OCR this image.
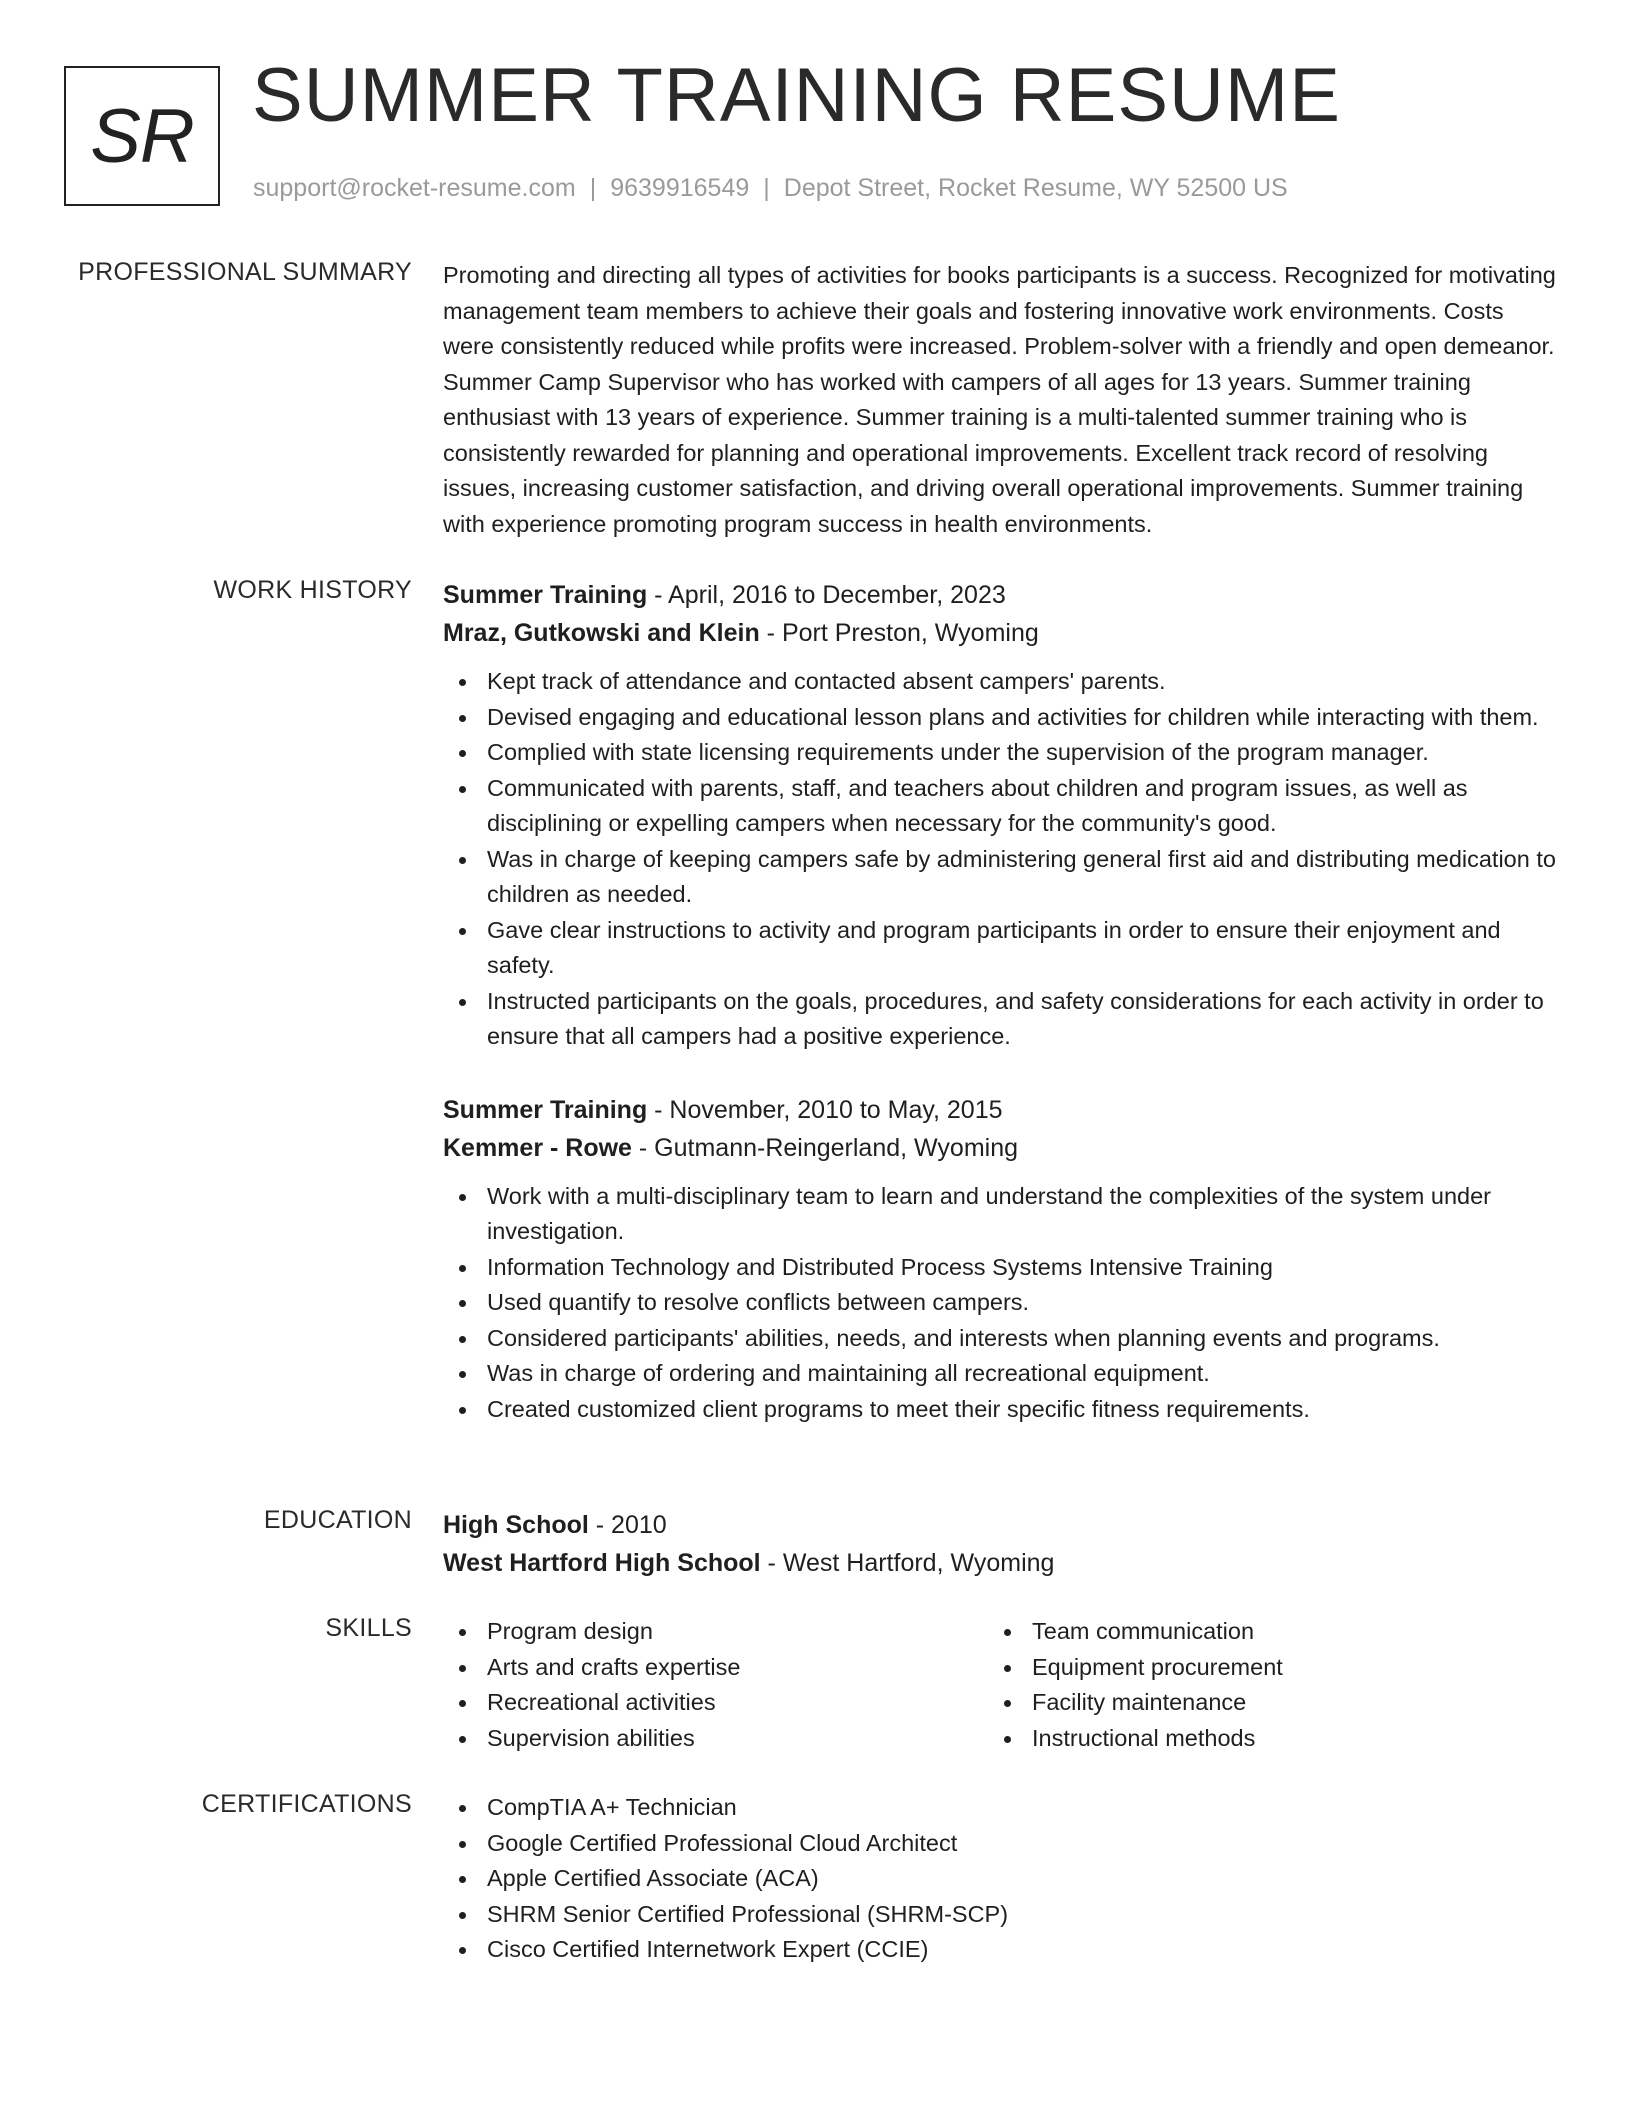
SR SUMMER TRAINING RESUME
support@rocket-resume.com | 9639916549 | Depot Street, Rocket Resume, WY 52500 US
PROFESSIONAL SUMMARY Promoting and directing all types of activities for books participants is a success. Recognized for motivating management team members to achieve their goals and fostering innovative work environments. Costs were consistently reduced while profits were increased. Problem-solver with a friendly and open demeanor. Summer Camp Supervisor who has worked with campers of all ages for 13 years. Summer training enthusiast with 13 years of experience. Summer training is a multi-talented summer training who is consistently rewarded for planning and operational improvements. Excellent track record of resolving issues, increasing customer satisfaction, and driving overall operational improvements. Summer training with experience promoting program success in health environments.

WORK HISTORY Summer Training - April, 2016 to December, 2023
Mraz, Gutkowski and Klein - Port Preston, Wyoming
Kept track of attendance and contacted absent campers' parents.
Devised engaging and educational lesson plans and activities for children while interacting with them.
Complied with state licensing requirements under the supervision of the program manager.
Communicated with parents, staff, and teachers about children and program issues, as well as disciplining or expelling campers when necessary for the community's good.
Was in charge of keeping campers safe by administering general first aid and distributing medication to children as needed.
Gave clear instructions to activity and program participants in order to ensure their enjoyment and safety.
Instructed participants on the goals, procedures, and safety considerations for each activity in order to ensure that all campers had a positive experience.
Summer Training - November, 2010 to May, 2015
Kemmer - Rowe - Gutmann-Reingerland, Wyoming
Work with a multi-disciplinary team to learn and understand the complexities of the system under investigation.
Information Technology and Distributed Process Systems Intensive Training
Used quantify to resolve conflicts between campers.
Considered participants' abilities, needs, and interests when planning events and programs.
Was in charge of ordering and maintaining all recreational equipment.
Created customized client programs to meet their specific fitness requirements.
EDUCATION High School - 2010
West Hartford High School - West Hartford, Wyoming
SKILLS	Program design
Arts and crafts expertise
Recreational activities
Supervision abilities
Team communication
Equipment procurement
Facility maintenance
Instructional methods
CERTIFICATIONS	CompTIA A+ Technician
Google Certified Professional Cloud Architect
Apple Certified Associate (ACA)
SHRM Senior Certified Professional (SHRM-SCP)
Cisco Certified Internetwork Expert (CCIE)
